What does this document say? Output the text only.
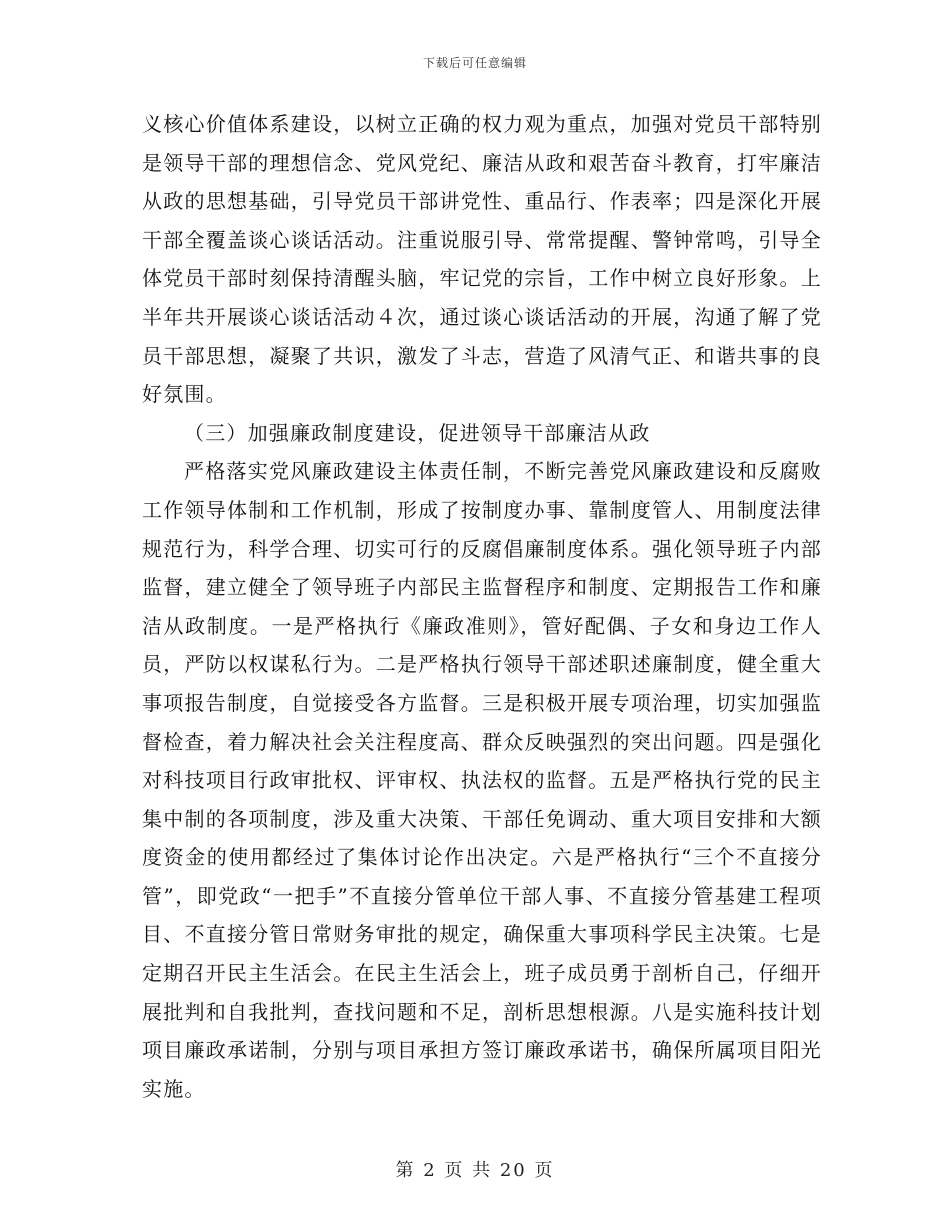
下载后可任意编辑

义核心价值体系建设，以树立正确的权力观为重点，加强对党员干部特别是领导干部的理想信念、党风党纪、廉洁从政和艰苦奋斗教育，打牢廉洁从政的思想基础，引导党员干部讲党性、重品行、作表率；四是深化开展干部全覆盖谈心谈话活动。注重说服引导、常常提醒、警钟常鸣，引导全体党员干部时刻保持清醒头脑，牢记党的宗旨，工作中树立良好形象。上半年共开展谈心谈话活动４次，通过谈心谈话活动的开展，沟通了解了党员干部思想，凝聚了共识，激发了斗志，营造了风清气正、和谐共事的良好氛围。

（三）加强廉政制度建设，促进领导干部廉洁从政

严格落实党风廉政建设主体责任制，不断完善党风廉政建设和反腐败工作领导体制和工作机制，形成了按制度办事、靠制度管人、用制度法律规范行为，科学合理、切实可行的反腐倡廉制度体系。强化领导班子内部监督，建立健全了领导班子内部民主监督程序和制度、定期报告工作和廉洁从政制度。一是严格执行《廉政准则》，管好配偶、子女和身边工作人员，严防以权谋私行为。二是严格执行领导干部述职述廉制度，健全重大事项报告制度，自觉接受各方监督。三是积极开展专项治理，切实加强监督检查，着力解决社会关注程度高、群众反映强烈的突出问题。四是强化对科技项目行政审批权、评审权、执法权的监督。五是严格执行党的民主集中制的各项制度，涉及重大决策、干部任免调动、重大项目安排和大额度资金的使用都经过了集体讨论作出决定。六是严格执行“三个不直接分管”，即党政“一把手”不直接分管单位干部人事、不直接分管基建工程项目、不直接分管日常财务审批的规定，确保重大事项科学民主决策。七是定期召开民主生活会。在民主生活会上，班子成员勇于剖析自己，仔细开展批判和自我批判，查找问题和不足，剖析思想根源。八是实施科技计划项目廉政承诺制，分别与项目承担方签订廉政承诺书，确保所属项目阳光实施。

第 2 页 共 20 页
